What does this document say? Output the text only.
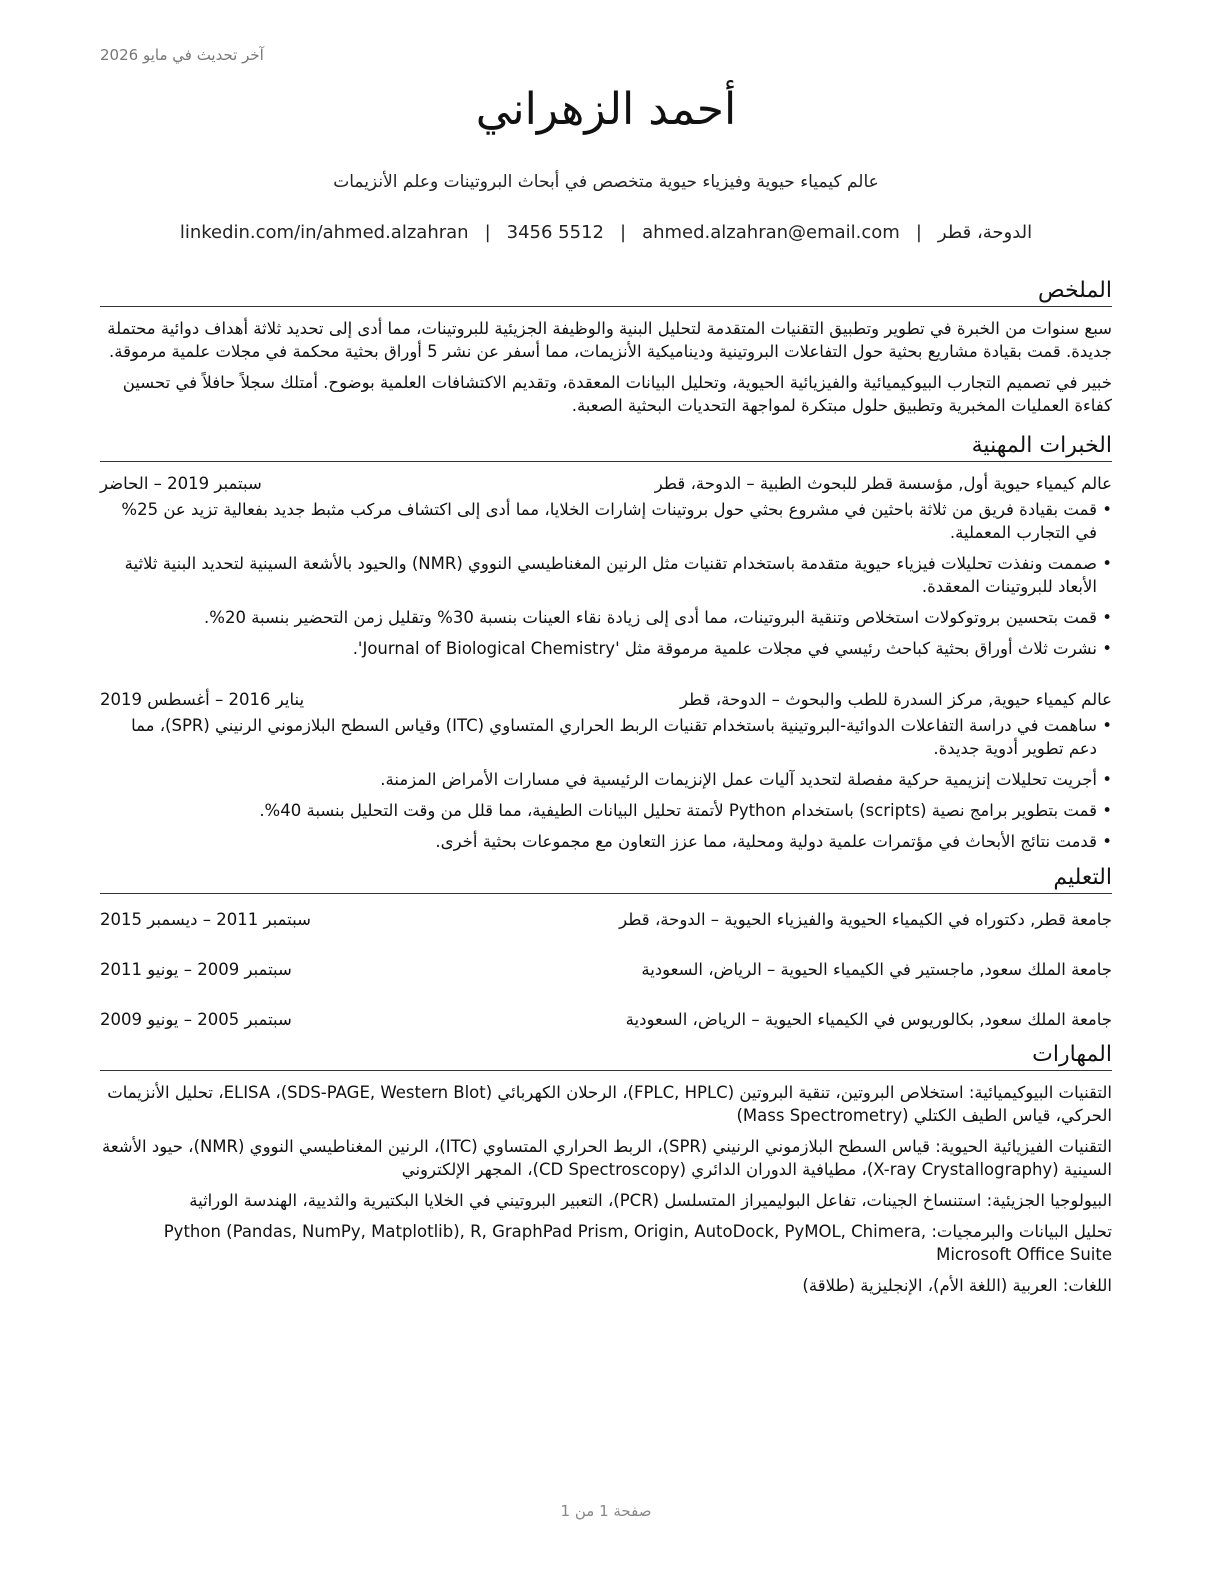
آخر تحديث في مايو 2026
أحمد الزهراني
عالم كيمياء حيوية وفيزياء حيوية متخصص في أبحاث البروتينات وعلم الأنزيمات
الدوحة، قطر|ahmed.alzahran@email.com|3456 5512|linkedin.com/in/ahmed.alzahran
الملخص

سبع سنوات من الخبرة في تطوير وتطبيق التقنيات المتقدمة لتحليل البنية والوظيفة الجزيئية للبروتينات، مما أدى إلى تحديد ثلاثة أهداف دوائية محتملة جديدة. قمت بقيادة مشاريع بحثية حول التفاعلات البروتينية وديناميكية الأنزيمات، مما أسفر عن نشر 5 أوراق بحثية محكمة في مجلات علمية مرموقة.

خبير في تصميم التجارب البيوكيميائية والفيزيائية الحيوية، وتحليل البيانات المعقدة، وتقديم الاكتشافات العلمية بوضوح. أمتلك سجلاً حافلاً في تحسين كفاءة العمليات المخبرية وتطبيق حلول مبتكرة لمواجهة التحديات البحثية الصعبة.

الخبرات المهنية
عالم كيمياء حيوية أول, مؤسسة قطر للبحوث الطبية – الدوحة، قطر
سبتمبر 2019 – الحاضر
•
قمت بقيادة فريق من ثلاثة باحثين في مشروع بحثي حول بروتينات إشارات الخلايا، مما أدى إلى اكتشاف مركب مثبط جديد بفعالية تزيد عن 25% في التجارب المعملية.
•
صممت ونفذت تحليلات فيزياء حيوية متقدمة باستخدام تقنيات مثل الرنين المغناطيسي النووي (NMR) والحيود بالأشعة السينية لتحديد البنية ثلاثية الأبعاد للبروتينات المعقدة.
•
قمت بتحسين بروتوكولات استخلاص وتنقية البروتينات، مما أدى إلى زيادة نقاء العينات بنسبة 30% وتقليل زمن التحضير بنسبة 20%.
•
نشرت ثلاث أوراق بحثية كباحث رئيسي في مجلات علمية مرموقة مثل 'Journal of Biological Chemistry'.
عالم كيمياء حيوية, مركز السدرة للطب والبحوث – الدوحة، قطر
يناير 2016 – أغسطس 2019
•
ساهمت في دراسة التفاعلات الدوائية-البروتينية باستخدام تقنيات الربط الحراري المتساوي (ITC) وقياس السطح البلازموني الرنيني (SPR)، مما دعم تطوير أدوية جديدة.
•
أجريت تحليلات إنزيمية حركية مفصلة لتحديد آليات عمل الإنزيمات الرئيسية في مسارات الأمراض المزمنة.
•
قمت بتطوير برامج نصية (scripts) باستخدام Python لأتمتة تحليل البيانات الطيفية، مما قلل من وقت التحليل بنسبة 40%.
•
قدمت نتائج الأبحاث في مؤتمرات علمية دولية ومحلية، مما عزز التعاون مع مجموعات بحثية أخرى.
التعليم
جامعة قطر, دكتوراه في الكيمياء الحيوية والفيزياء الحيوية – الدوحة، قطر
سبتمبر 2011 – ديسمبر 2015
جامعة الملك سعود, ماجستير في الكيمياء الحيوية – الرياض، السعودية
سبتمبر 2009 – يونيو 2011
جامعة الملك سعود, بكالوريوس في الكيمياء الحيوية – الرياض، السعودية
سبتمبر 2005 – يونيو 2009
المهارات
التقنيات البيوكيميائية: استخلاص البروتين، تنقية البروتين (FPLC, HPLC)، الرحلان الكهربائي (SDS-PAGE, Western Blot)، ELISA، تحليل الأنزيمات الحركي، قياس الطيف الكتلي (Mass Spectrometry)
التقنيات الفيزيائية الحيوية: قياس السطح البلازموني الرنيني (SPR)، الربط الحراري المتساوي (ITC)، الرنين المغناطيسي النووي (NMR)، حيود الأشعة السينية (X-ray Crystallography)، مطيافية الدوران الدائري (CD Spectroscopy)، المجهر الإلكتروني
البيولوجيا الجزيئية: استنساخ الجينات، تفاعل البوليميراز المتسلسل (PCR)، التعبير البروتيني في الخلايا البكتيرية والثديية، الهندسة الوراثية
تحليل البيانات والبرمجيات: Python (Pandas, NumPy, Matplotlib), R, GraphPad Prism, Origin, AutoDock, PyMOL, Chimera, Microsoft Office Suite
اللغات: العربية (اللغة الأم)، الإنجليزية (طلاقة)
صفحة 1 من 1
